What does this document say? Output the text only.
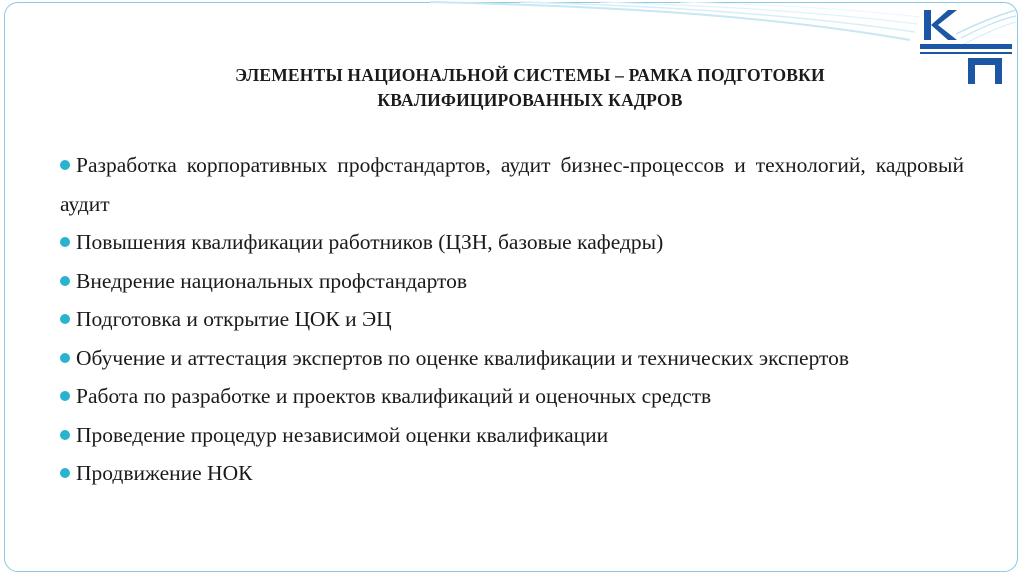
ЭЛЕМЕНТЫ НАЦИОНАЛЬНОЙ СИСТЕМЫ – РАМКА ПОДГОТОВКИ
КВАЛИФИЦИРОВАННЫХ КАДРОВ

Разработка корпоративных профстандартов, аудит бизнес-процессов и технологий, кадровый аудит

Повышения квалификации работников (ЦЗН, базовые кафедры)

Внедрение национальных профстандартов

Подготовка и открытие ЦОК и ЭЦ

Обучение и аттестация экспертов по оценке квалификации и технических экспертов

Работа по разработке и проектов квалификаций и оценочных средств

Проведение процедур независимой оценки квалификации

Продвижение НОК
